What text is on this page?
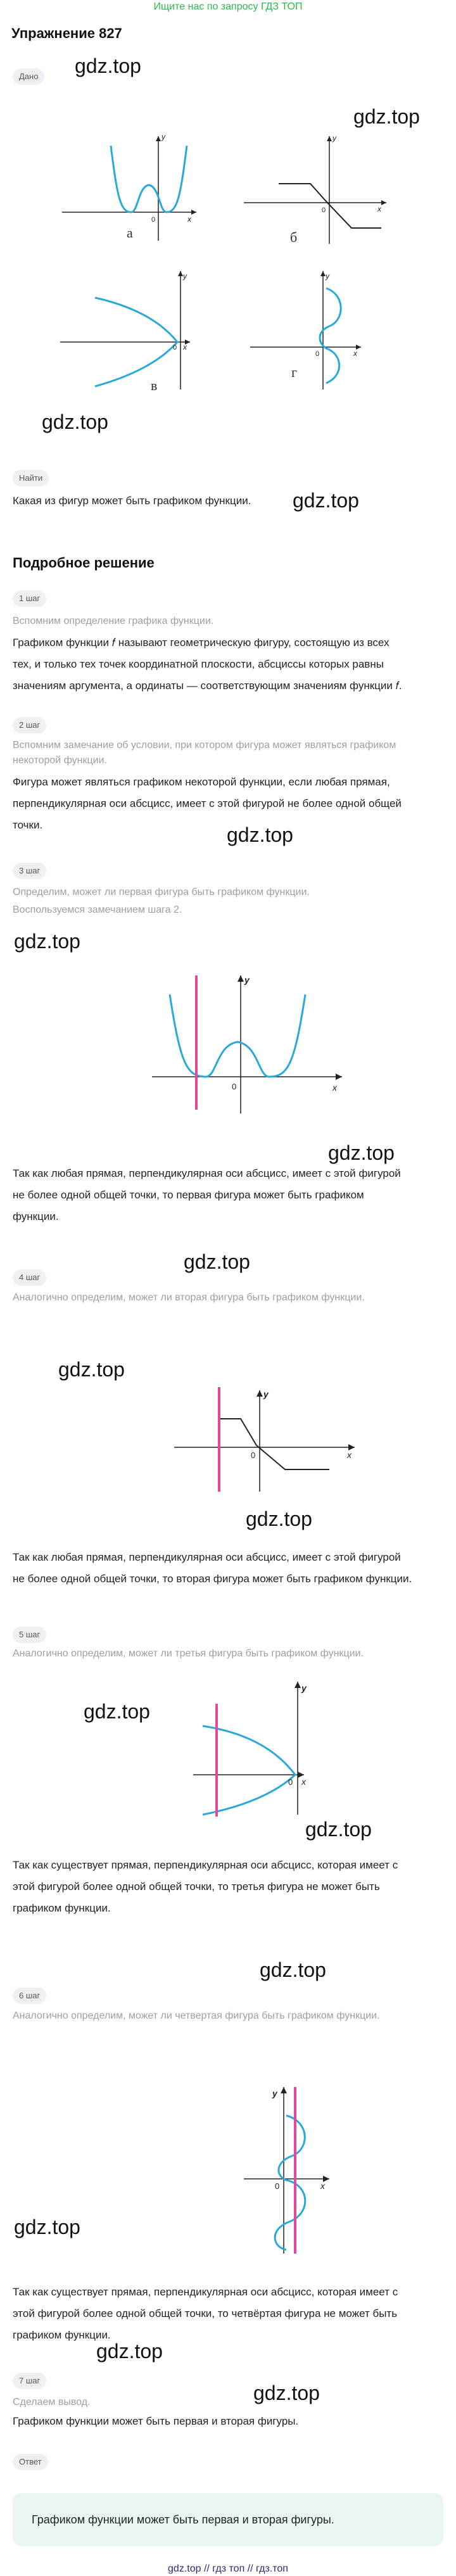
Ищите нас по запросу ГДЗ ТОП
Упражнение 827
Дано	gdz.top
gdz.top
gdz.top
gdz.top
gdz.top
gdz.top
gdz.top
gdz.top
gdz.top
gdz.top
gdz.top
gdz.top
gdz.top
gdz.top
gdz.top
gdz.top
y
x
0
а
y
x
0
б
y
x
0
в
y
x
0
г
Найти
Какая из фигур может быть графиком функции.
Подробное решение
1 шаг
Вспомним определение графика функции.
Графиком функции 𝑓 называют геометрическую фигуру, состоящую из всех
тех, и только тех точек координатной плоскости, абсциссы которых равны
значениям аргумента, а ординаты — соответствующим значениям функции 𝑓.
2 шаг
Вспомним замечание об условии, при котором фигура может являться графиком
некоторой функции.
Фигура может являться графиком некоторой функции, если любая прямая,
перпендикулярная оси абсцисс, имеет с этой фигурой не более одной общей
точки.
3 шаг
Определим, может ли первая фигура быть графиком функции.
Воспользуемся замечанием шага 2.
y
x
0
Так как любая прямая, перпендикулярная оси абсцисс, имеет с этой фигурой
не более одной общей точки, то первая фигура может быть графиком
функции.
4 шаг
Аналогично определим, может ли вторая фигура быть графиком функции.
y
x
0
Так как любая прямая, перпендикулярная оси абсцисс, имеет с этой фигурой
не более одной общей точки, то вторая фигура может быть графиком функции.
5 шаг
Аналогично определим, может ли третья фигура быть графиком функции.
y
x
0
Так как существует прямая, перпендикулярная оси абсцисс, которая имеет с
этой фигурой более одной общей точки, то третья фигура не может быть
графиком функции.
6 шаг
Аналогично определим, может ли четвертая фигура быть графиком функции.
y
x
0
Так как существует прямая, перпендикулярная оси абсцисс, которая имеет с
этой фигурой более одной общей точки, то четвёртая фигура не может быть
графиком функции.
7 шаг
Сделаем вывод.
Графиком функции может быть первая и вторая фигуры.
Ответ
Графиком функции может быть первая и вторая фигуры.
gdz.top // гдз топ // гдз.топ
